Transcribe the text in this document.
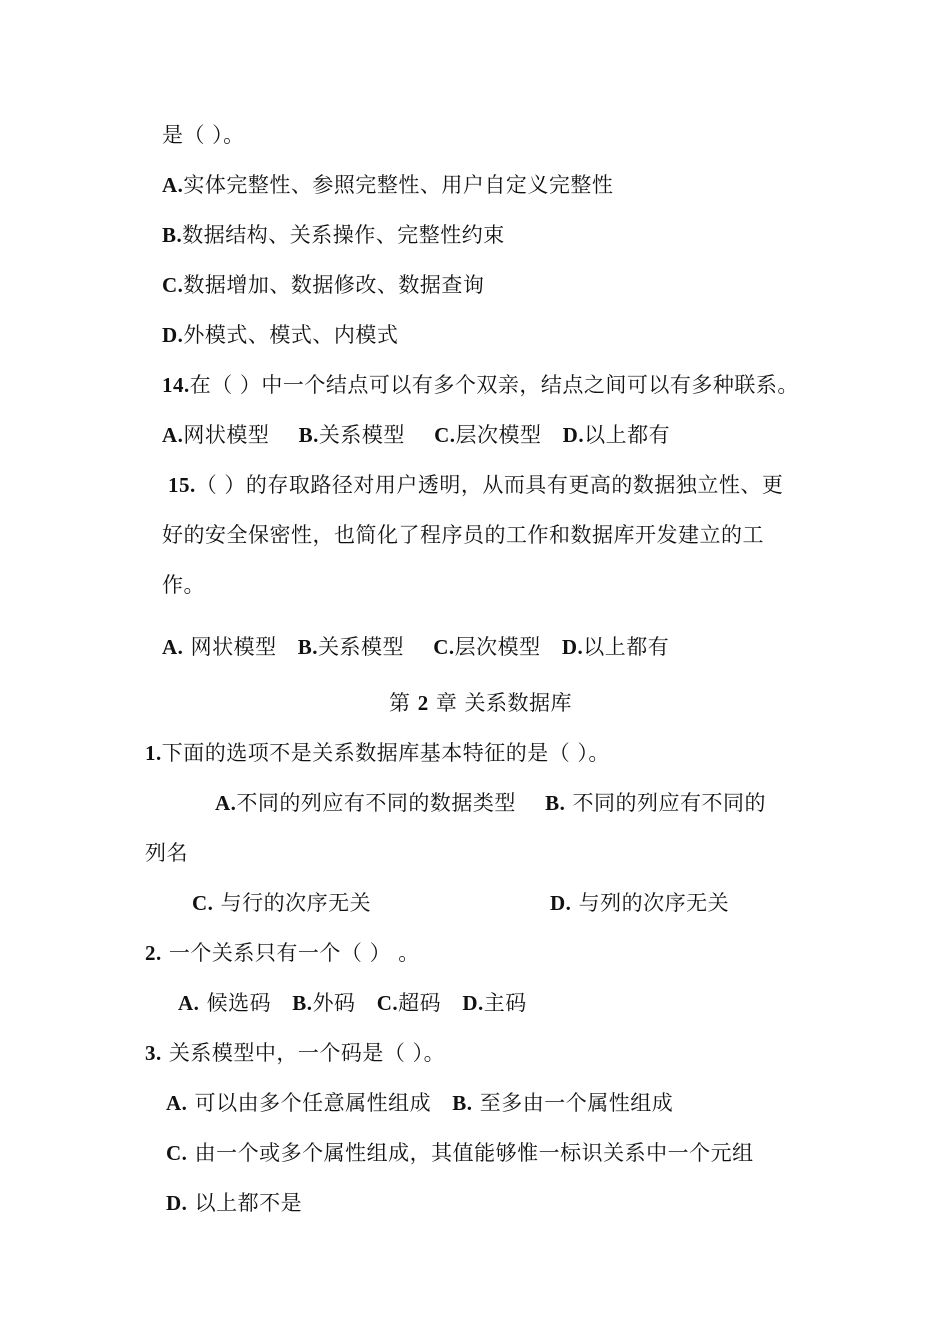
是（ ）。
A.实体完整性、参照完整性、用户自定义完整性
B.数据结构、关系操作、完整性约束
C.数据增加、数据修改、数据查询
D.外模式、模式、内模式
14.在（ ）中一个结点可以有多个双亲，结点之间可以有多种联系。
A.网状模型 B.关系模型 C.层次模型 D.以上都有
15.（ ）的存取路径对用户透明，从而具有更高的数据独立性、更
好的安全保密性，也简化了程序员的工作和数据库开发建立的工
作。
A. 网状模型 B.关系模型 C.层次模型 D.以上都有
第 2 章 关系数据库
1.下面的选项不是关系数据库基本特征的是（ ）。
A.不同的列应有不同的数据类型 B. 不同的列应有不同的
列名
C. 与行的次序无关	D. 与列的次序无关
2. 一个关系只有一个（ ） 。
A. 候选码 B.外码 C.超码 D.主码
3. 关系模型中，一个码是（ ）。
A. 可以由多个任意属性组成 B. 至多由一个属性组成
C. 由一个或多个属性组成，其值能够惟一标识关系中一个元组
D. 以上都不是
